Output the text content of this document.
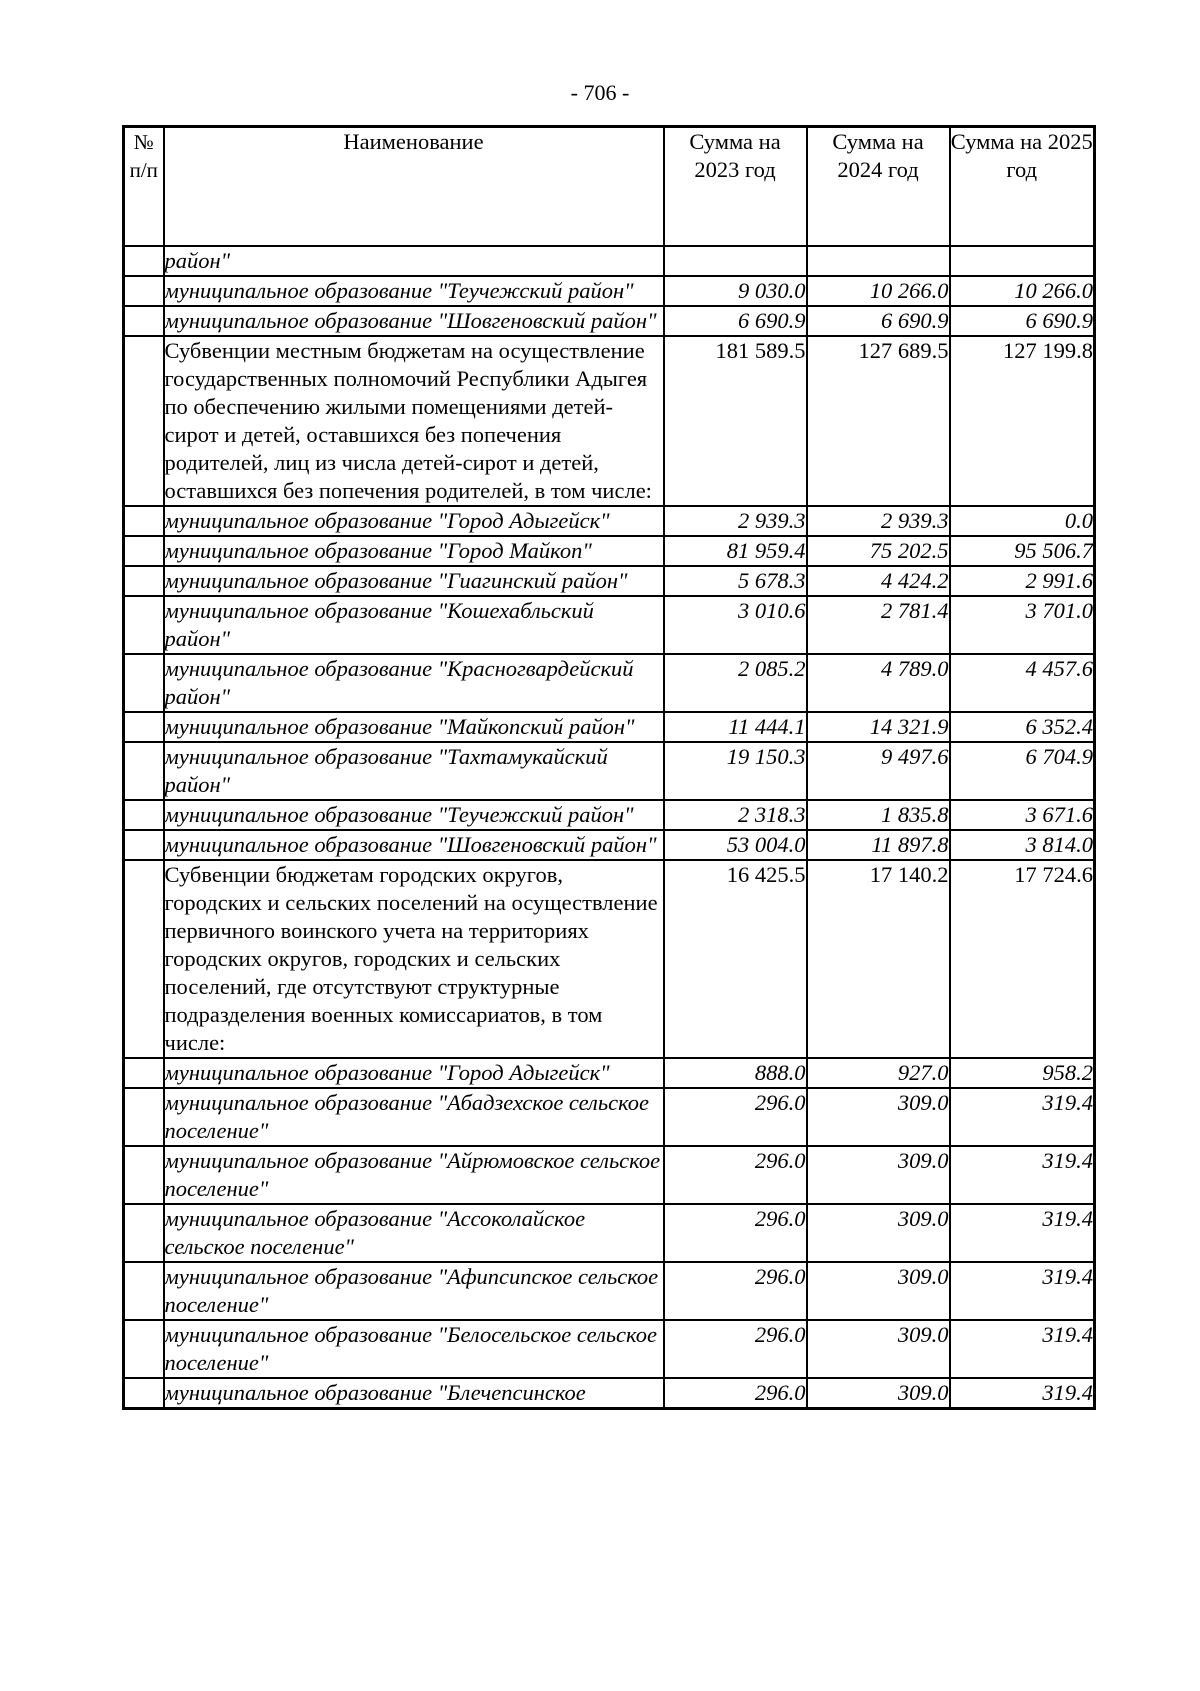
- 706 -
№ п/п	Наименование	Сумма на 2023 год	Сумма на 2024 год	Сумма на 2025 год
	район"			
	муниципальное образование "Теучежский район"	9 030.0	10 266.0	10 266.0
	муниципальное образование "Шовгеновский район"	6 690.9	6 690.9	6 690.9
	Субвенции местным бюджетам на осуществление государственных полномочий Республики Адыгея по обеспечению жилыми помещениями детей-сирот и детей, оставшихся без попечения родителей, лиц из числа детей-сирот и детей, оставшихся без попечения родителей, в том числе:	181 589.5	127 689.5	127 199.8
	муниципальное образование "Город Адыгейск"	2 939.3	2 939.3	0.0
	муниципальное образование "Город Майкоп"	81 959.4	75 202.5	95 506.7
	муниципальное образование "Гиагинский район"	5 678.3	4 424.2	2 991.6
	муниципальное образование "Кошехабльский район"	3 010.6	2 781.4	3 701.0
	муниципальное образование "Красногвардейский район"	2 085.2	4 789.0	4 457.6
	муниципальное образование "Майкопский район"	11 444.1	14 321.9	6 352.4
	муниципальное образование "Тахтамукайский район"	19 150.3	9 497.6	6 704.9
	муниципальное образование "Теучежский район"	2 318.3	1 835.8	3 671.6
	муниципальное образование "Шовгеновский район"	53 004.0	11 897.8	3 814.0
	Субвенции бюджетам городских округов, городских и сельских поселений на осуществление первичного воинского учета на территориях городских округов, городских и сельских поселений, где отсутствуют структурные подразделения военных комиссариатов, в том числе:	16 425.5	17 140.2	17 724.6
	муниципальное образование "Город Адыгейск"	888.0	927.0	958.2
	муниципальное образование "Абадзехское сельское поселение"	296.0	309.0	319.4
	муниципальное образование "Айрюмовское сельское поселение"	296.0	309.0	319.4
	муниципальное образование "Ассоколайское сельское поселение"	296.0	309.0	319.4
	муниципальное образование "Афипсипское сельское поселение"	296.0	309.0	319.4
	муниципальное образование "Белосельское сельское поселение"	296.0	309.0	319.4
	муниципальное образование "Блечепсинское	296.0	309.0	319.4
